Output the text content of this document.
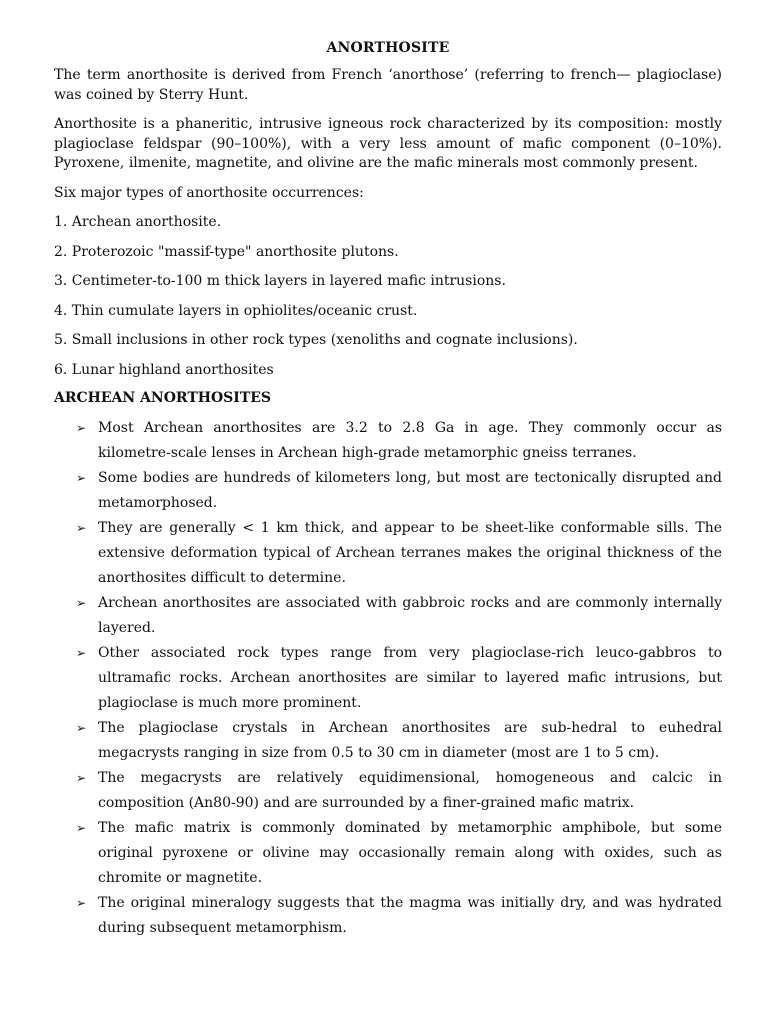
ANORTHOSITE

The term anorthosite is derived from French ‘anorthose’ (referring to french— plagioclase) was coined by Sterry Hunt.

Anorthosite is a phaneritic, intrusive igneous rock characterized by its composition: mostly plagioclase feldspar (90–100%), with a very less amount of mafic component (0–10%). Pyroxene, ilmenite, magnetite, and olivine are the mafic minerals most commonly present.

Six major types of anorthosite occurrences:

1. Archean anorthosite.
2. Proterozoic "massif-type" anorthosite plutons.
3. Centimeter-to-100 m thick layers in layered mafic intrusions.
4. Thin cumulate layers in ophiolites/oceanic crust.
5. Small inclusions in other rock types (xenoliths and cognate inclusions).
6. Lunar highland anorthosites
ARCHEAN ANORTHOSITES
➢ Most Archean anorthosites are 3.2 to 2.8 Ga in age. They commonly occur as kilometre-scale lenses in Archean high-grade metamorphic gneiss terranes.
➢ Some bodies are hundreds of kilometers long, but most are tectonically disrupted and metamorphosed.
➢ They are generally < 1 km thick, and appear to be sheet-like conformable sills. The extensive deformation typical of Archean terranes makes the original thickness of the anorthosites difficult to determine.
➢ Archean anorthosites are associated with gabbroic rocks and are commonly internally layered.
➢ Other associated rock types range from very plagioclase-rich leuco-gabbros to ultramafic rocks. Archean anorthosites are similar to layered mafic intrusions, but plagioclase is much more prominent.
➢ The plagioclase crystals in Archean anorthosites are sub-hedral to euhedral megacrysts ranging in size from 0.5 to 30 cm in diameter (most are 1 to 5 cm).
➢ The megacrysts are relatively equidimensional, homogeneous and calcic in composition (An80-90) and are surrounded by a finer-grained mafic matrix.
➢ The mafic matrix is commonly dominated by metamorphic amphibole, but some original pyroxene or olivine may occasionally remain along with oxides, such as chromite or magnetite.
➢ The original mineralogy suggests that the magma was initially dry, and was hydrated during subsequent metamorphism.
